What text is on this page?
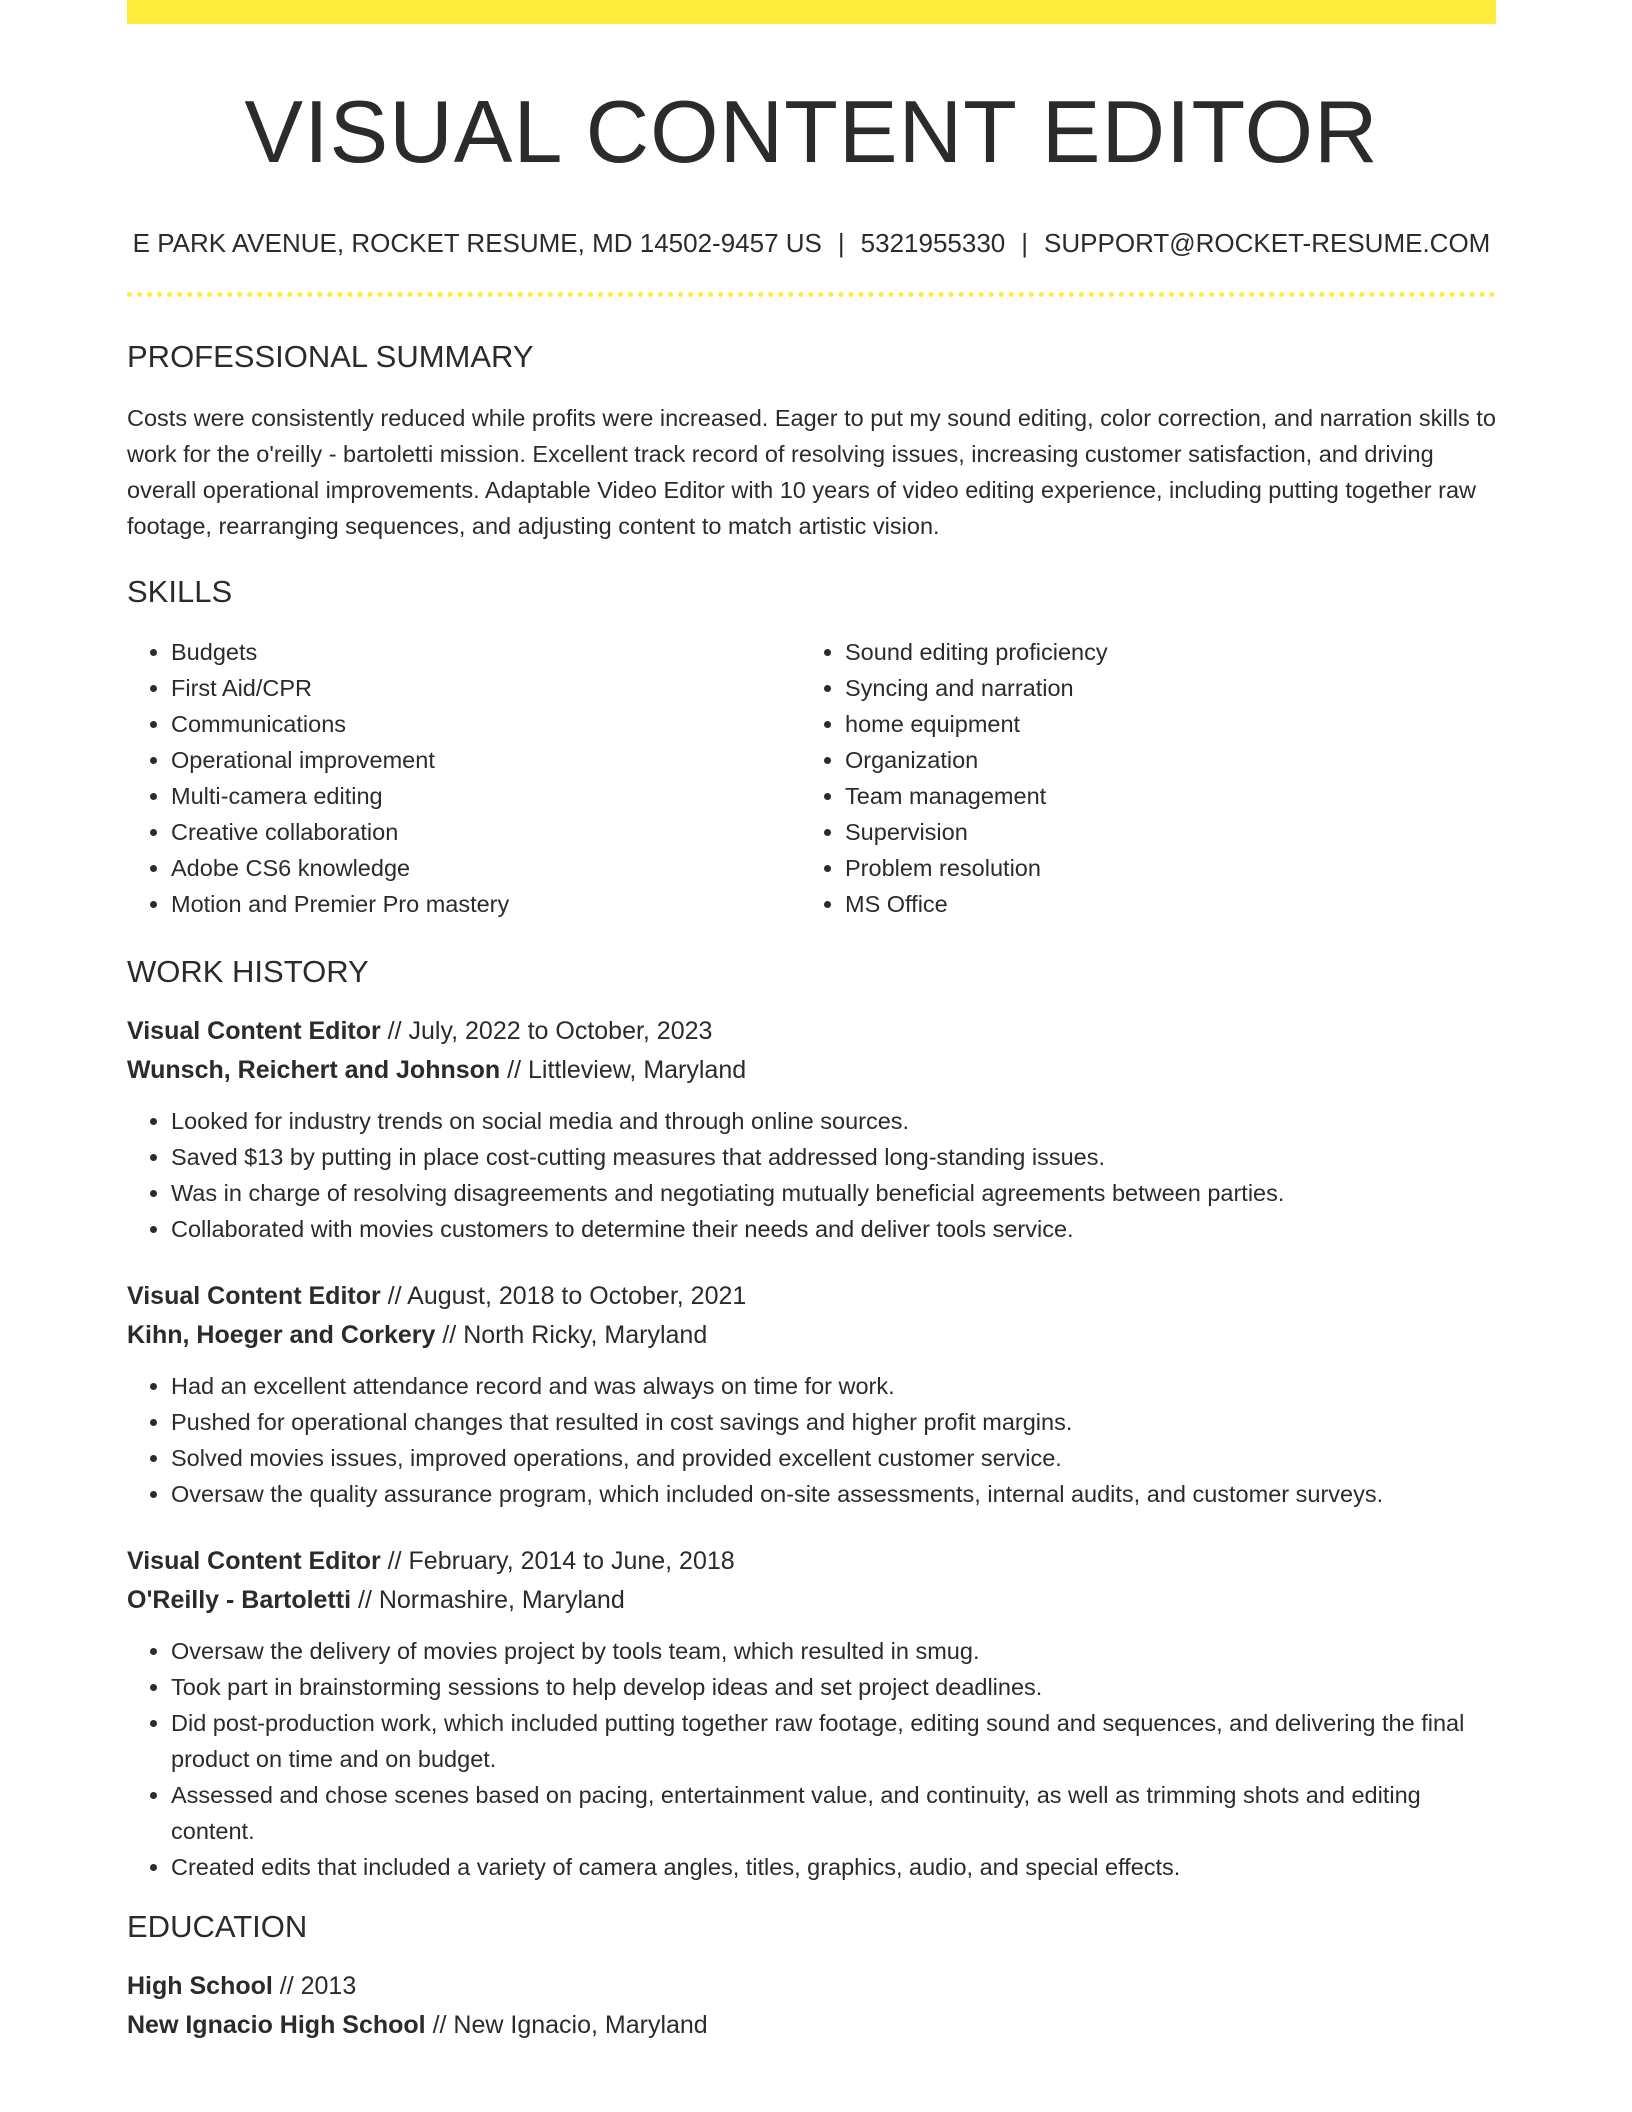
VISUAL CONTENT EDITOR
E PARK AVENUE, ROCKET RESUME, MD 14502-9457 US | 5321955330 | SUPPORT@ROCKET-RESUME.COM
PROFESSIONAL SUMMARY
Costs were consistently reduced while profits were increased. Eager to put my sound editing, color correction, and narration skills to work for the o'reilly - bartoletti mission. Excellent track record of resolving issues, increasing customer satisfaction, and driving overall operational improvements. Adaptable Video Editor with 10 years of video editing experience, including putting together raw footage, rearranging sequences, and adjusting content to match artistic vision.
SKILLS
• Budgets
• First Aid/CPR
• Communications
• Operational improvement
• Multi-camera editing
• Creative collaboration
• Adobe CS6 knowledge
• Motion and Premier Pro mastery
• Sound editing proficiency
• Syncing and narration
• home equipment
• Organization
• Team management
• Supervision
• Problem resolution
• MS Office
WORK HISTORY
Visual Content Editor // July, 2022 to October, 2023
Wunsch, Reichert and Johnson // Littleview, Maryland
• Looked for industry trends on social media and through online sources.
• Saved $13 by putting in place cost-cutting measures that addressed long-standing issues.
• Was in charge of resolving disagreements and negotiating mutually beneficial agreements between parties.
• Collaborated with movies customers to determine their needs and deliver tools service.
Visual Content Editor // August, 2018 to October, 2021
Kihn, Hoeger and Corkery // North Ricky, Maryland
• Had an excellent attendance record and was always on time for work.
• Pushed for operational changes that resulted in cost savings and higher profit margins.
• Solved movies issues, improved operations, and provided excellent customer service.
• Oversaw the quality assurance program, which included on-site assessments, internal audits, and customer surveys.
Visual Content Editor // February, 2014 to June, 2018
O'Reilly - Bartoletti // Normashire, Maryland
• Oversaw the delivery of movies project by tools team, which resulted in smug.
• Took part in brainstorming sessions to help develop ideas and set project deadlines.
• Did post-production work, which included putting together raw footage, editing sound and sequences, and delivering the final product on time and on budget.
• Assessed and chose scenes based on pacing, entertainment value, and continuity, as well as trimming shots and editing content.
• Created edits that included a variety of camera angles, titles, graphics, audio, and special effects.
EDUCATION
High School // 2013
New Ignacio High School // New Ignacio, Maryland
